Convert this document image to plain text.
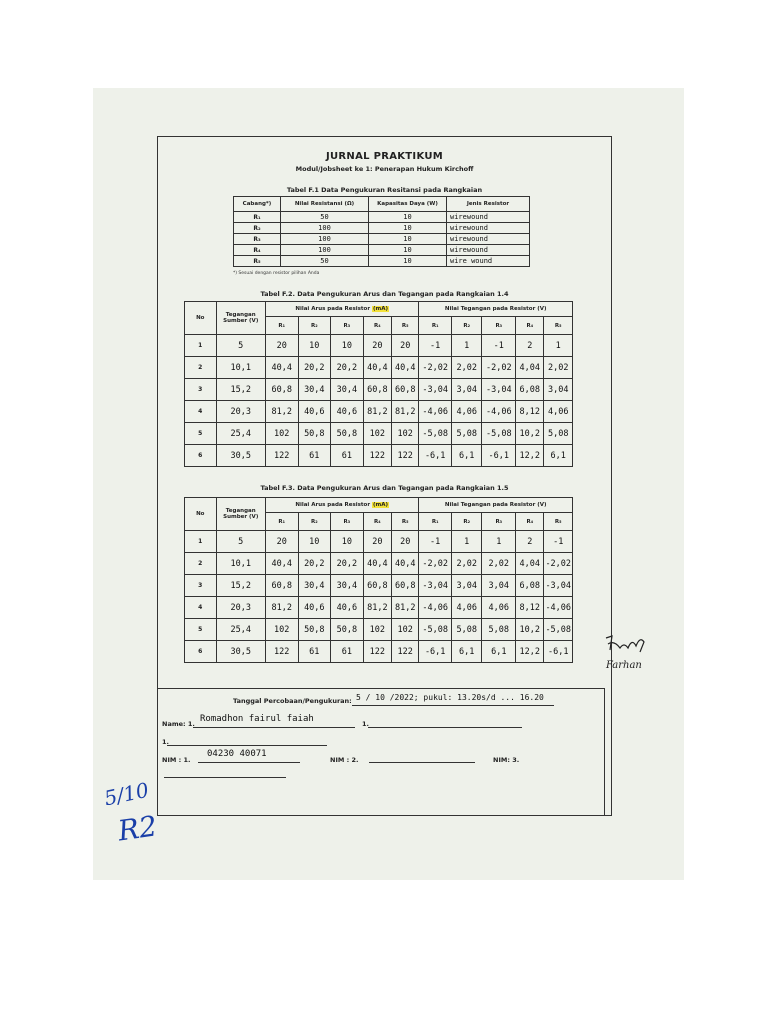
JURNAL PRAKTIKUM
Modul/Jobsheet ke 1: Penerapan Hukum Kirchoff
Tabel F.1 Data Pengukuran Resitansi pada Rangkaian
Cabang*)	Nilai Resistansi (Ω)	Kapasitas Daya (W)	Jenis Resistor
R₁	50	10	wirewound
R₂	100	10	wirewound
R₃	100	10	wirewound
R₄	100	10	wirewound
R₅	50	10	wire wound
*) Sesuai dengan resistor pilihan Anda
Tabel F.2. Data Pengukuran Arus dan Tegangan pada Rangkaian 1.4
No	Tegangan Sumber (V)	Nilai Arus pada Resistor (mA)					Nilai Tegangan pada Resistor (V)				
		R₁	R₂	R₃	R₄	R₅	R₁	R₂	R₃	R₄	R₅
1	5	20	10	10	20	20	-1	1	-1	2	1
2	10,1	40,4	20,2	20,2	40,4	40,4	-2,02	2,02	-2,02	4,04	2,02
3	15,2	60,8	30,4	30,4	60,8	60,8	-3,04	3,04	-3,04	6,08	3,04
4	20,3	81,2	40,6	40,6	81,2	81,2	-4,06	4,06	-4,06	8,12	4,06
5	25,4	102	50,8	50,8	102	102	-5,08	5,08	-5,08	10,2	5,08
6	30,5	122	61	61	122	122	-6,1	6,1	-6,1	12,2	6,1
Tabel F.3. Data Pengukuran Arus dan Tegangan pada Rangkaian 1.5
No	Tegangan Sumber (V)	Nilai Arus pada Resistor (mA)					Nilai Tegangan pada Resistor (V)				
		R₁	R₂	R₃	R₄	R₅	R₁	R₂	R₃	R₄	R₅
1	5	20	10	10	20	20	-1	1	1	2	-1
2	10,1	40,4	20,2	20,2	40,4	40,4	-2,02	2,02	2,02	4,04	-2,02
3	15,2	60,8	30,4	30,4	60,8	60,8	-3,04	3,04	3,04	6,08	-3,04
4	20,3	81,2	40,6	40,6	81,2	81,2	-4,06	4,06	4,06	8,12	-4,06
5	25,4	102	50,8	50,8	102	102	-5,08	5,08	5,08	10,2	-5,08
6	30,5	122	61	61	122	122	-6,1	6,1	6,1	12,2	-6,1
Tanggal Percobaan/Pengukuran: 5 / 10 /2022; pukul: 13.20s/d ... 16.20
Name: 1. Romadhon fairul faiah	1.
1.
NIM : 1.
04230 40071
NIM : 2.	NIM: 3.
Farhan
5/10
R2
